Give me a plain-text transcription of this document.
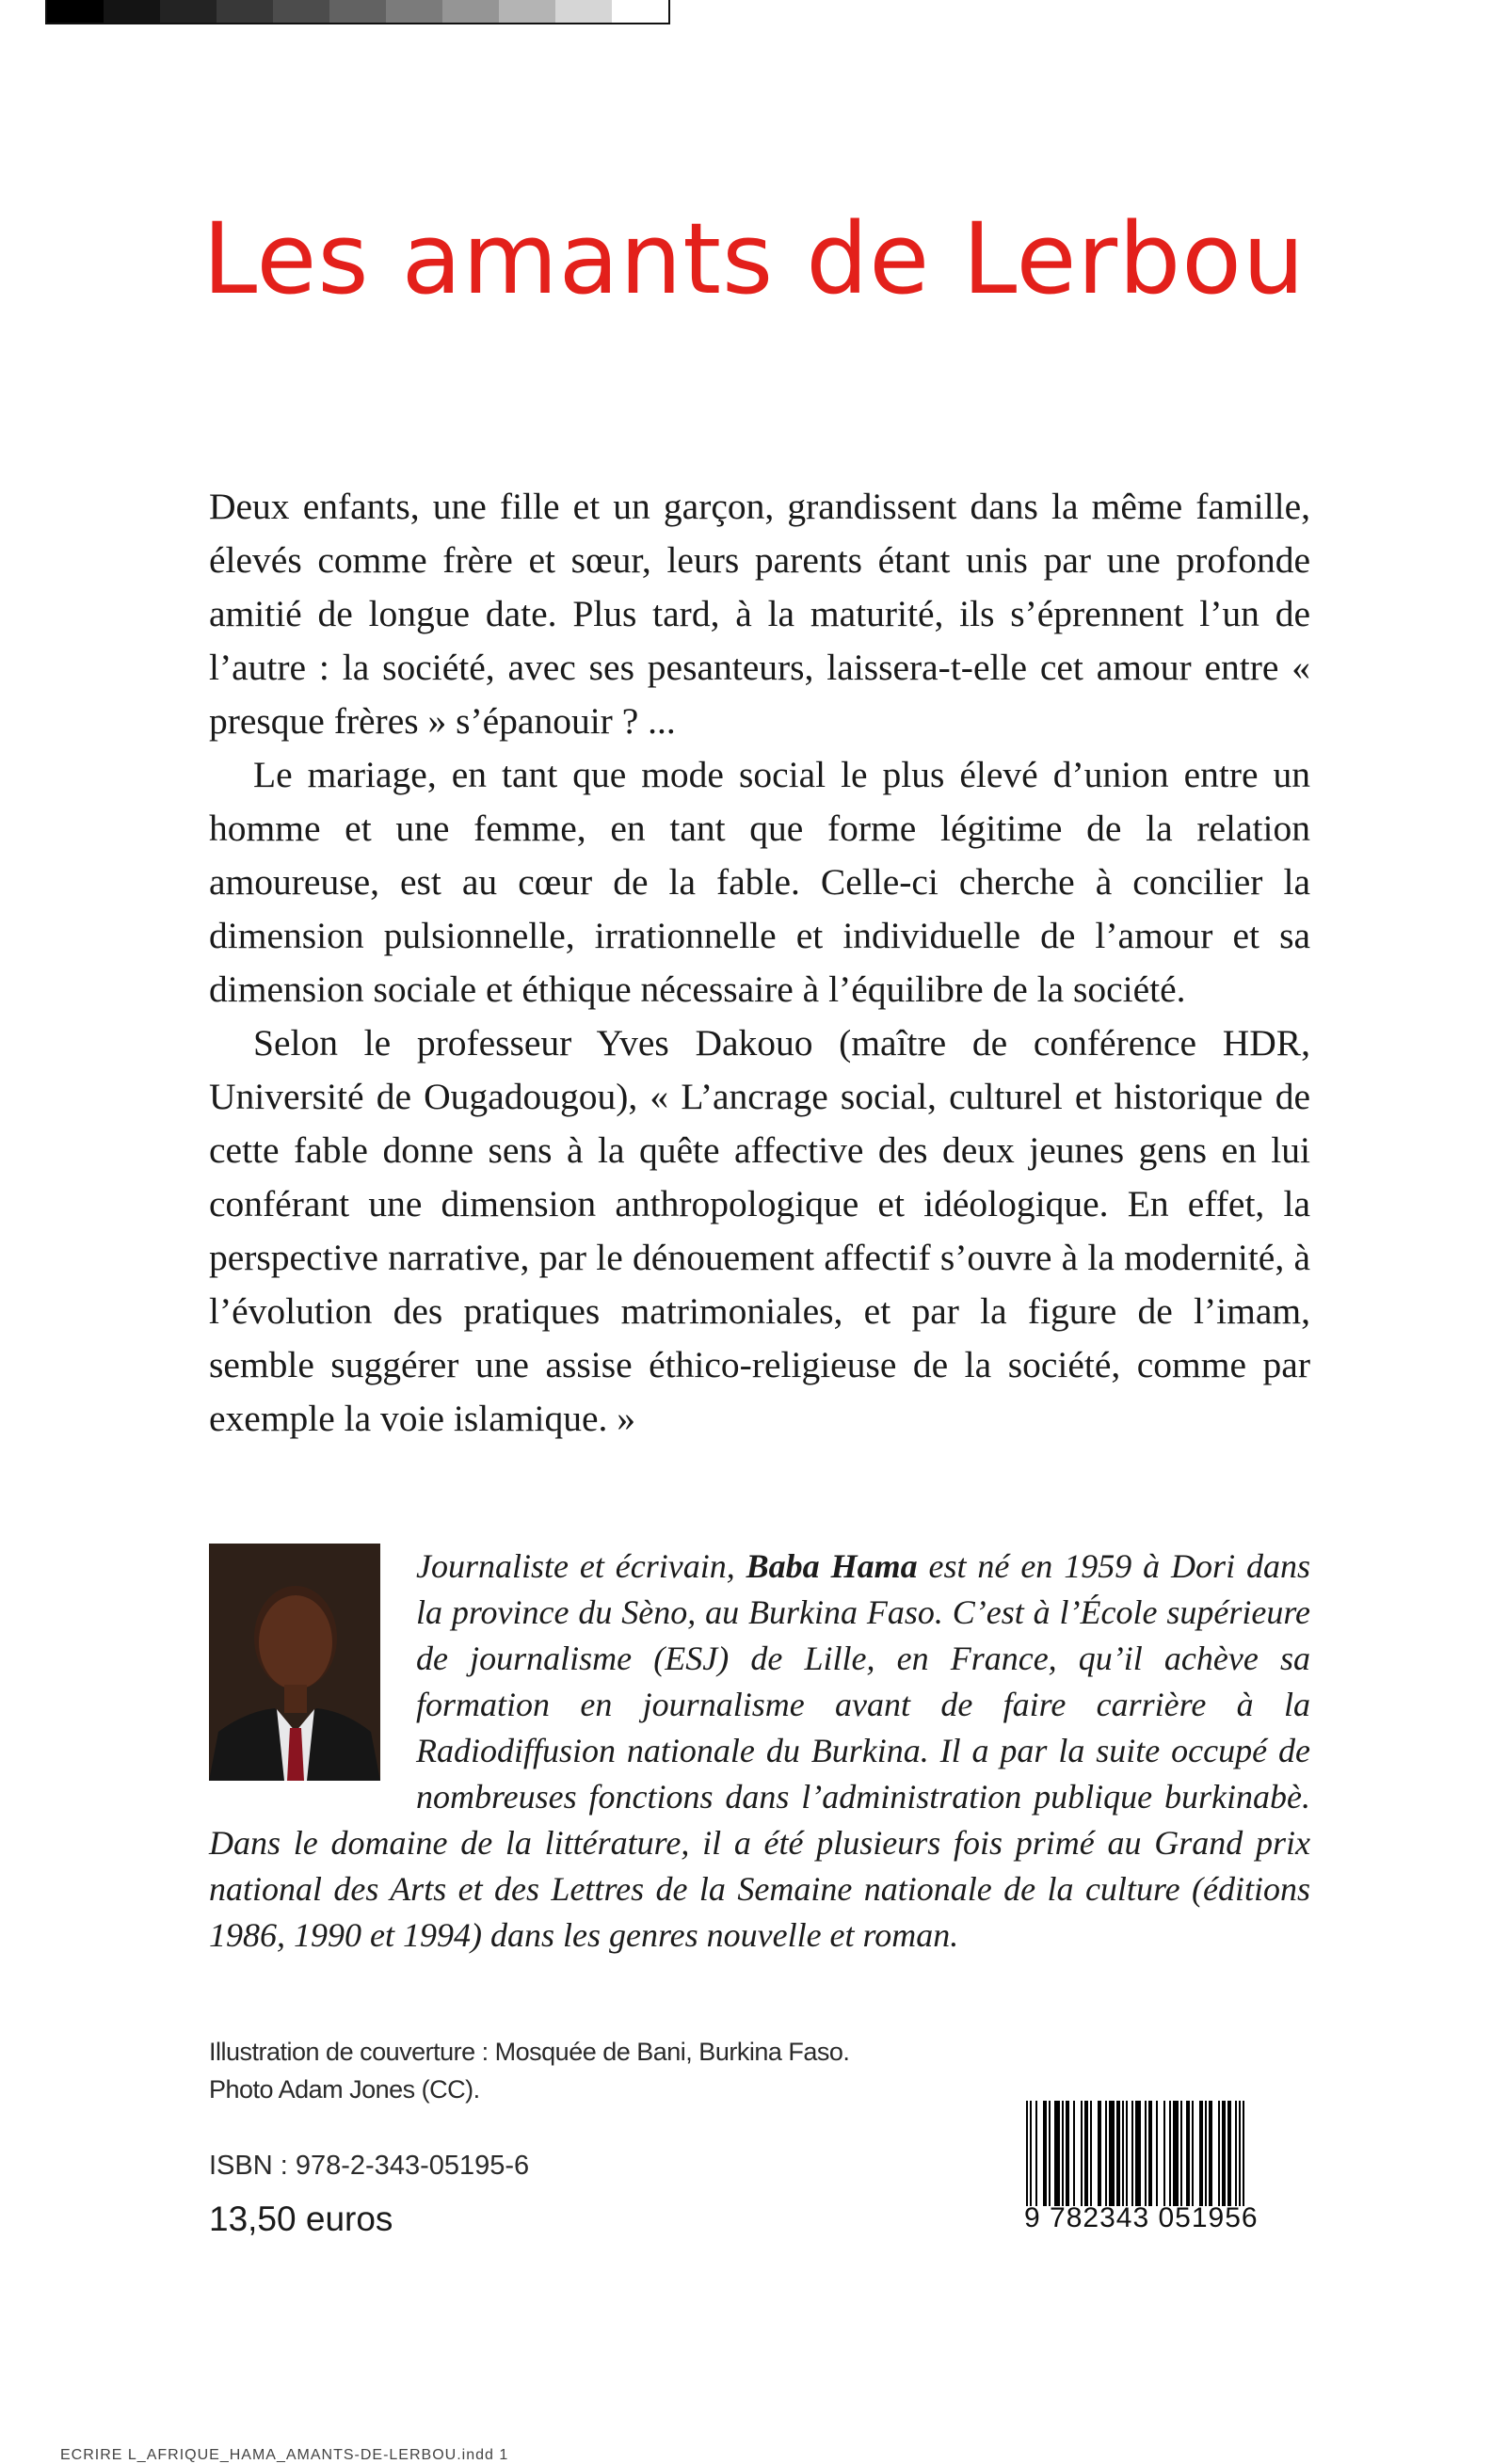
Les amants de Lerbou

Deux enfants, une fille et un garçon, grandissent dans la même famille, élevés comme frère et sœur, leurs parents étant unis par une profonde amitié de longue date. Plus tard, à la maturité, ils s’éprennent l’un de l’autre : la société, avec ses pesanteurs, laissera-t-elle cet amour entre « presque frères » s’épanouir ? ...

Le mariage, en tant que mode social le plus élevé d’union entre un homme et une femme, en tant que forme légitime de la relation amoureuse, est au cœur de la fable. Celle-ci cherche à concilier la dimension pulsionnelle, irrationnelle et individuelle de l’amour et sa dimension sociale et éthique nécessaire à l’équilibre de la société.

Selon le professeur Yves Dakouo (maître de conférence HDR, Université de Ougadougou), « L’ancrage social, culturel et historique de cette fable donne sens à la quête affective des deux jeunes gens en lui conférant une dimension anthropologique et idéologique. En effet, la perspective narrative, par le dénouement affectif s’ouvre à la modernité, à l’évolution des pratiques matrimoniales, et par la figure de l’imam, semble suggérer une assise éthico-religieuse de la société, comme par exemple la voie islamique. »

Journaliste et écrivain, Baba Hama est né en 1959 à Dori dans la province du Sèno, au Burkina Faso. C’est à l’École supérieure de journalisme (ESJ) de Lille, en France, qu’il achève sa formation en journalisme avant de faire carrière à la Radiodiffusion nationale du Burkina. Il a par la suite occupé de nombreuses fonctions dans l’administration publique burkinabè. Dans le domaine de la littérature, il a été plusieurs fois primé au Grand prix national des Arts et des Lettres de la Semaine nationale de la culture (éditions 1986, 1990 et 1994) dans les genres nouvelle et roman.

Illustration de couverture : Mosquée de Bani, Burkina Faso.
Photo Adam Jones (CC).
ISBN : 978-2-343-05195-6
13,50 euros	9 782343 051956
ECRIRE L_AFRIQUE_HAMA_AMANTS-DE-LERBOU.indd 1
